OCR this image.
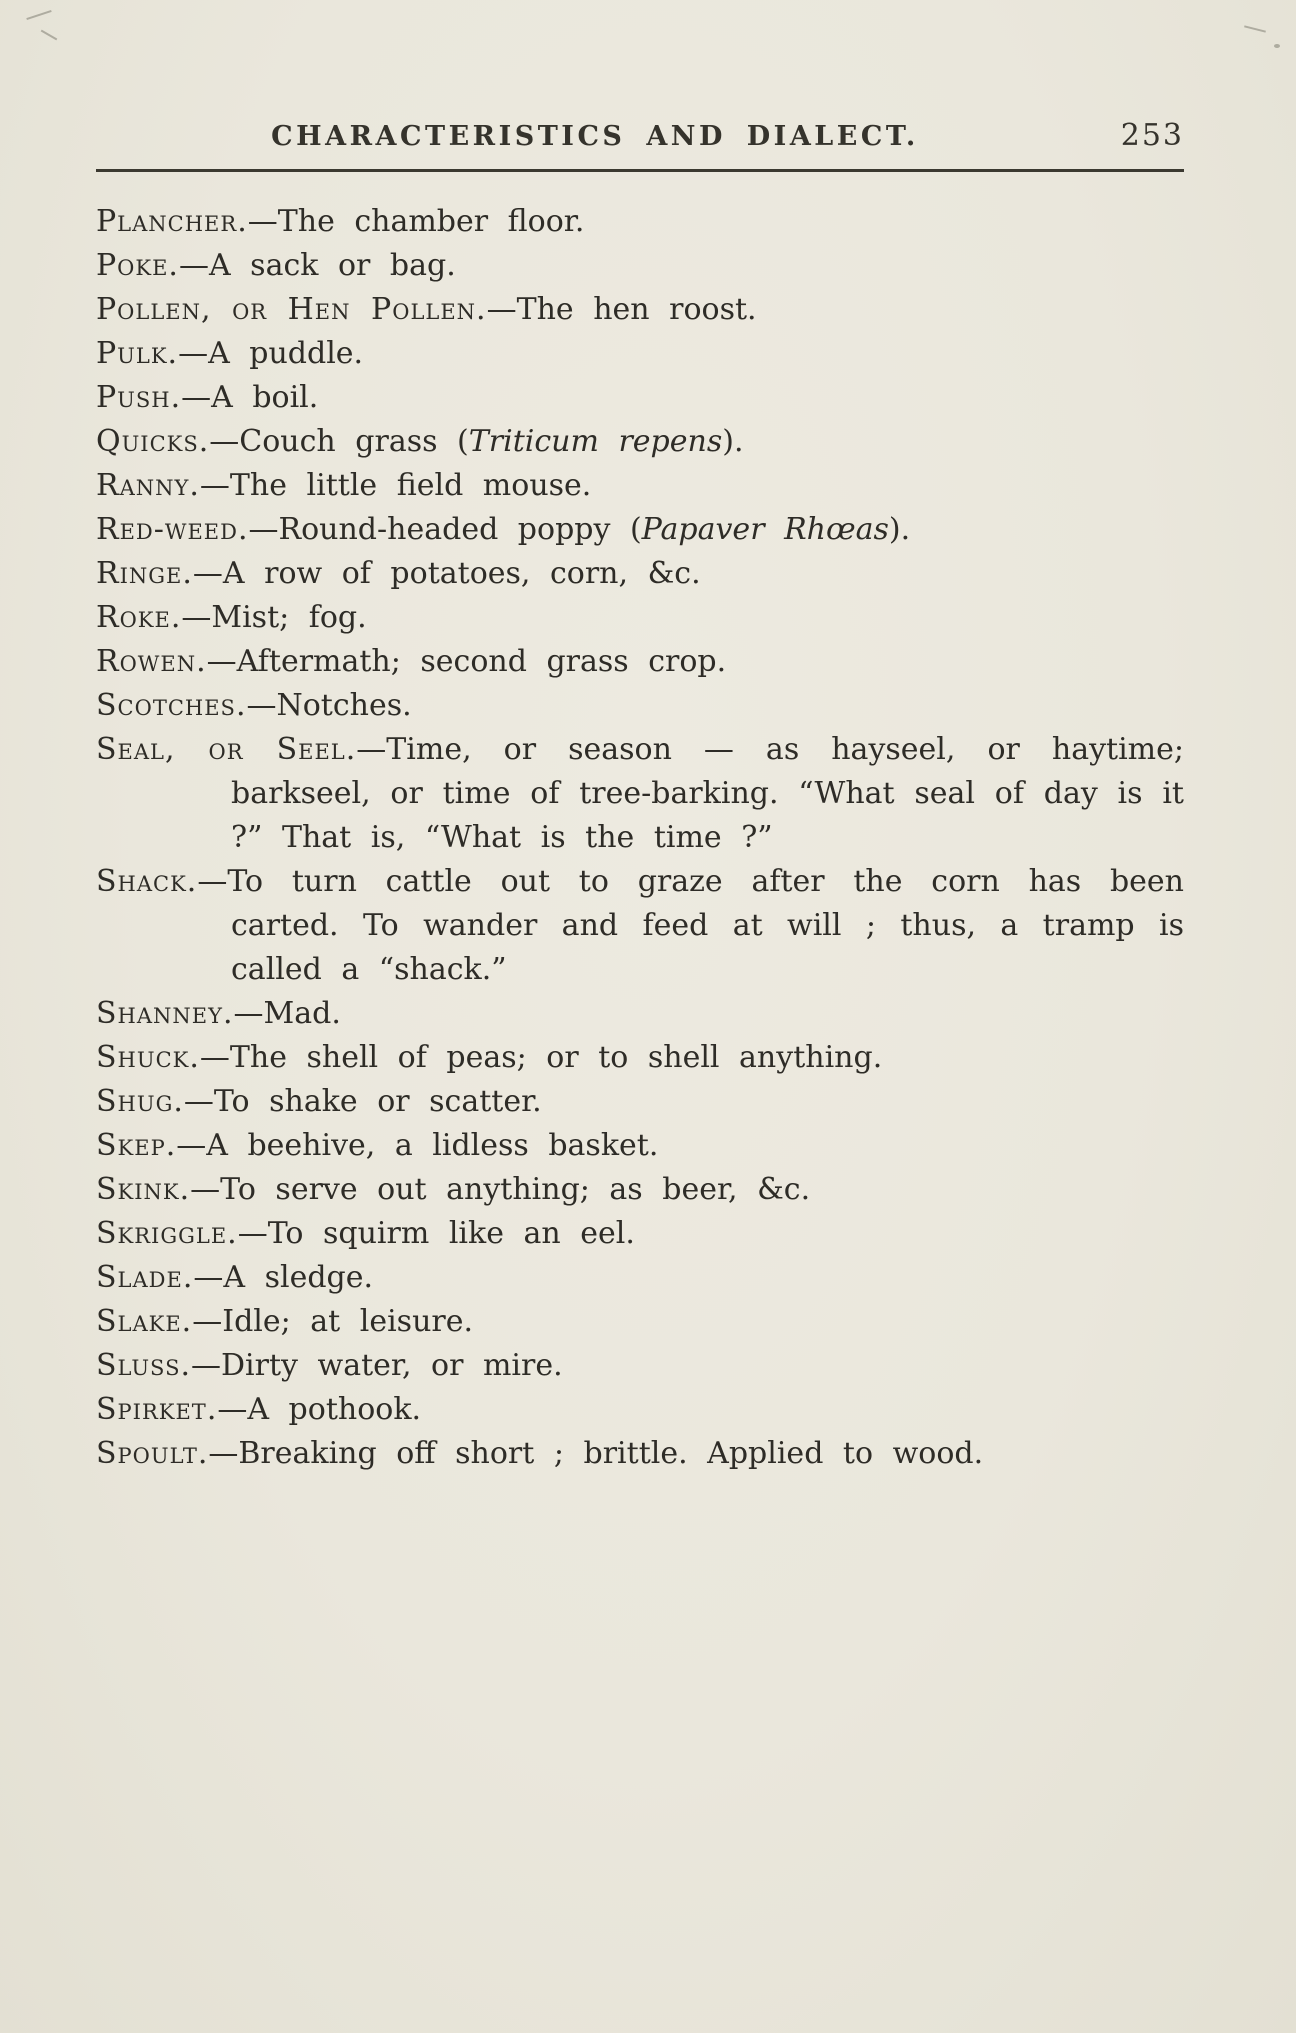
CHARACTERISTICS AND DIALECT.	253

Plancher.—The chamber floor.

Poke.—A sack or bag.

Pollen, or Hen Pollen.—The hen roost.

Pulk.—A puddle.

Push.—A boil.

Quicks.—Couch grass (Triticum repens).

Ranny.—The little field mouse.

Red-weed.—Round-headed poppy (Papaver Rhœas).

Ringe.—A row of potatoes, corn, &c.

Roke.—Mist; fog.

Rowen.—Aftermath; second grass crop.

Scotches.—Notches.

Seal, or Seel.—Time, or season — as hayseel, or haytime; barkseel, or time of tree-barking. “What seal of day is it ?” That is, “What is the time ?”

Shack.—To turn cattle out to graze after the corn has been carted. To wander and feed at will ; thus, a tramp is called a “shack.”

Shanney.—Mad.

Shuck.—The shell of peas; or to shell anything.

Shug.—To shake or scatter.

Skep.—A beehive, a lidless basket.

Skink.—To serve out anything; as beer, &c.

Skriggle.—To squirm like an eel.

Slade.—A sledge.

Slake.—Idle; at leisure.

Sluss.—Dirty water, or mire.

Spirket.—A pothook.

Spoult.—Breaking off short ; brittle. Applied to wood.
